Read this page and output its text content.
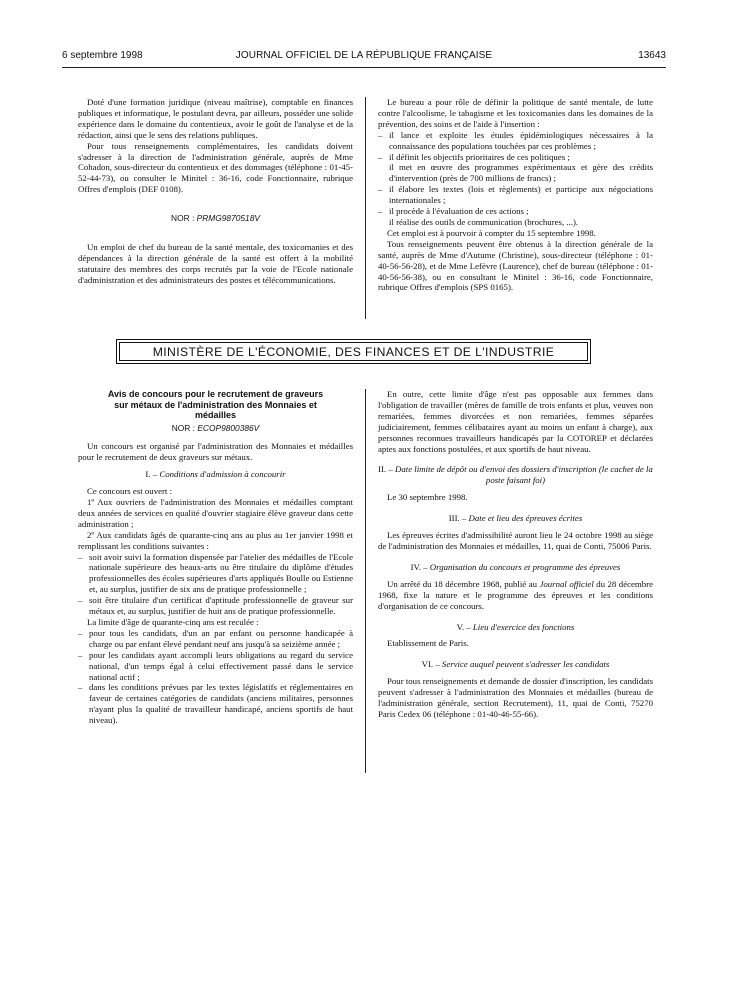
6 septembre 1998	JOURNAL OFFICIEL DE LA RÉPUBLIQUE FRANÇAISE	13643

Doté d'une formation juridique (niveau maîtrise), comptable en finances publiques et informatique, le postulant devra, par ailleurs, posséder une solide expérience dans le domaine du contentieux, avoir le goût de l'analyse et de la rédaction, ainsi que le sens des relations publiques.

Pour tous renseignements complémentaires, les candidats doivent s'adresser à la direction de l'administration générale, auprès de Mme Cohadon, sous-directeur du contentieux et des dommages (téléphone : 01-45-52-44-73), ou consulter le Minitel : 36-16, code Fonctionnaire, rubrique Offres d'emplois (DEF 0108).

NOR : PRMG9870518V

Un emploi de chef du bureau de la santé mentale, des toxicomanies et des dépendances à la direction générale de la santé est offert à la mobilité statutaire des membres des corps recrutés par la voie de l'Ecole nationale d'administration et des administrateurs des postes et télécommunications.

Le bureau a pour rôle de définir la politique de santé mentale, de lutte contre l'alcoolisme, le tabagisme et les toxicomanies dans les domaines de la prévention, des soins et de l'aide à l'insertion :

– il lance et exploite les études épidémiologiques nécessaires à la connaissance des populations touchées par ces problèmes ;
– il définit les objectifs prioritaires de ces politiques ;
il met en œuvre des programmes expérimentaux et gère des crédits d'intervention (près de 700 millions de francs) ;
– il élabore les textes (lois et règlements) et participe aux négociations internationales ;
– il procède à l'évaluation de ces actions ;
il réalise des outils de communication (brochures, ...).

Cet emploi est à pourvoir à compter du 15 septembre 1998.

Tous renseignements peuvent être obtenus à la direction générale de la santé, auprès de Mme d'Autume (Christine), sous-directeur (téléphone : 01-40-56-56-28), et de Mme Lefèvre (Laurence), chef de bureau (téléphone : 01-40-56-56-38), ou en consultant le Minitel : 36-16, code Fonctionnaire, rubrique Offres d'emplois (SPS 0165).

MINISTÈRE DE L'ÉCONOMIE, DES FINANCES ET DE L'INDUSTRIE
Avis de concours pour le recrutement de graveurs
sur métaux de l'administration des Monnaies et
médailles
NOR : ECOP9800386V

Un concours est organisé par l'administration des Monnaies et médailles pour le recrutement de deux graveurs sur métaux.

I. – Conditions d'admission à concourir

Ce concours est ouvert :

1º Aux ouvriers de l'administration des Monnaies et médailles comptant deux années de services en qualité d'ouvrier stagiaire élève graveur dans cette administration ;

2º Aux candidats âgés de quarante-cinq ans au plus au 1er janvier 1998 et remplissant les conditions suivantes :

– soit avoir suivi la formation dispensée par l'atelier des médailles de l'Ecole nationale supérieure des beaux-arts ou être titulaire du diplôme d'études professionnelles des écoles supérieures d'arts appliqués Boulle ou Estienne et, au surplus, justifier de six ans de pratique professionnelle ;
– soit être titulaire d'un certificat d'aptitude professionnelle de graveur sur métaux et, au surplus, justifier de huit ans de pratique professionnelle.

La limite d'âge de quarante-cinq ans est reculée :

– pour tous les candidats, d'un an par enfant ou personne handicapée à charge ou par enfant élevé pendant neuf ans jusqu'à sa seizième année ;
– pour les candidats ayant accompli leurs obligations au regard du service national, d'un temps égal à celui effectivement passé dans le service national actif ;
– dans les conditions prévues par les textes législatifs et réglementaires en faveur de certaines catégories de candidats (anciens militaires, personnes n'ayant plus la qualité de travailleur handicapé, anciens sportifs de haut niveau).

En outre, cette limite d'âge n'est pas opposable aux femmes dans l'obligation de travailler (mères de famille de trois enfants et plus, veuves non remariées, femmes divorcées et non remariées, femmes séparées judiciairement, femmes célibataires ayant au moins un enfant à charge), aux personnes reconnues travailleurs handicapés par la COTOREP et déclarées aptes aux fonctions postulées, et aux sportifs de haut niveau.

II. – Date limite de dépôt ou d'envoi des dossiers d'inscription (le cachet de la poste faisant foi)

Le 30 septembre 1998.

III. – Date et lieu des épreuves écrites

Les épreuves écrites d'admissibilité auront lieu le 24 octobre 1998 au siège de l'administration des Monnaies et médailles, 11, quai de Conti, 75006 Paris.

IV. – Organisation du concours et programme des épreuves

Un arrêté du 18 décembre 1968, publié au Journal officiel du 28 décembre 1968, fixe la nature et le programme des épreuves et les conditions d'organisation de ce concours.

V. – Lieu d'exercice des fonctions

Etablissement de Paris.

VI. – Service auquel peuvent s'adresser les candidats

Pour tous renseignements et demande de dossier d'inscription, les candidats peuvent s'adresser à l'administration des Monnaies et médailles (bureau de l'administration générale, section Recrutement), 11, quai de Conti, 75270 Paris Cedex 06 (téléphone : 01-40-46-55-66).
